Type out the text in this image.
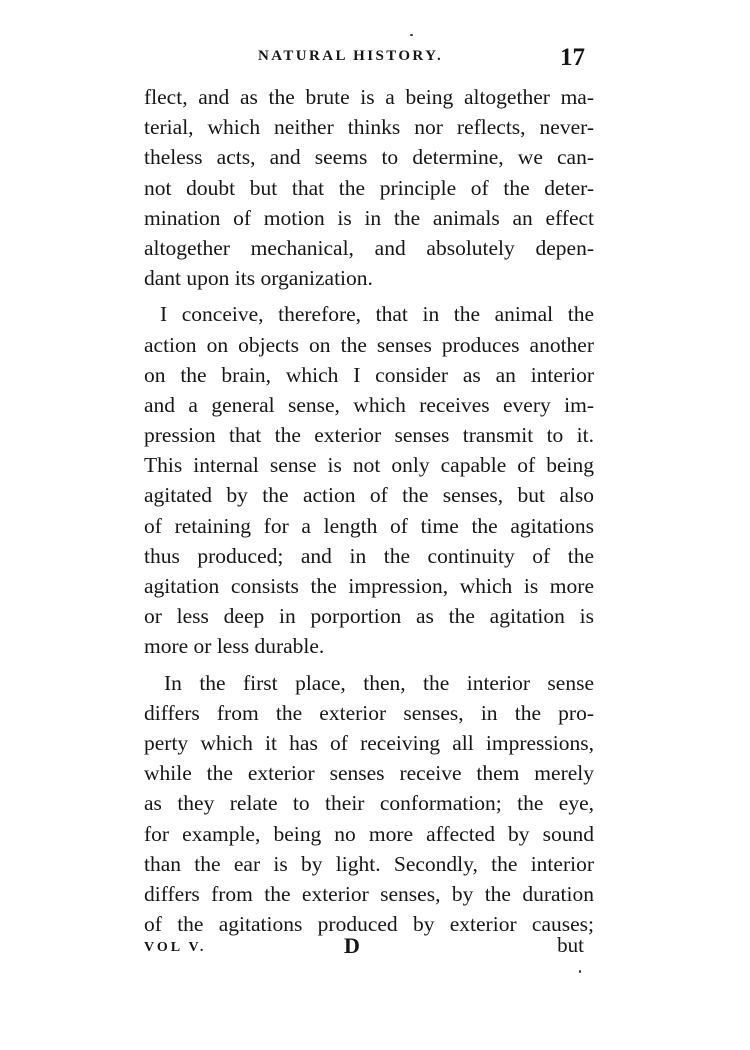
NATURAL HISTORY.	17
flect, and as the brute is a being altogether ma-
terial, which neither thinks nor reflects, never-
theless acts, and seems to determine, we can-
not doubt but that the principle of the deter-
mination of motion is in the animals an effect
altogether mechanical, and absolutely depen-
dant upon its organization.
I conceive, therefore, that in the animal the
action on objects on the senses produces another
on the brain, which I consider as an interior
and a general sense, which receives every im-
pression that the exterior senses transmit to it.
This internal sense is not only capable of being
agitated by the action of the senses, but also
of retaining for a length of time the agitations
thus produced; and in the continuity of the
agitation consists the impression, which is more
or less deep in porportion as the agitation is
more or less durable.
In the first place, then, the interior sense
differs from the exterior senses, in the pro-
perty which it has of receiving all impressions,
while the exterior senses receive them merely
as they relate to their conformation; the eye,
for example, being no more affected by sound
than the ear is by light. Secondly, the interior
differs from the exterior senses, by the duration
of the agitations produced by exterior causes;
VOL V.	D	but
